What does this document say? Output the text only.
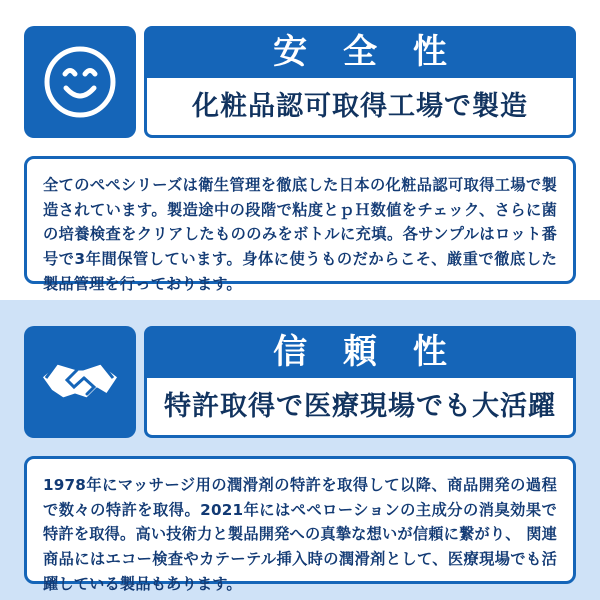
安 全 性
化粧品認可取得工場で製造

全てのぺぺシリーズは衛生管理を徹底した日本の化粧品認可取得工場で製造されています。製造途中の段階で粘度とｐＨ数値をチェック、さらに菌の培養検査をクリアしたもののみをボトルに充填。各サンプルはロット番号で3年間保管しています。身体に使うものだからこそ、厳重で徹底した製品管理を行っております。

信 頼 性
特許取得で医療現場でも大活躍

1978年にマッサージ用の潤滑剤の特許を取得して以降、商品開発の過程で数々の特許を取得。2021年にはぺぺローションの主成分の消臭効果で特許を取得。高い技術力と製品開発への真摯な想いが信頼に繋がり、 関連商品にはエコー検査やカテーテル挿入時の潤滑剤として、医療現場でも活躍している製品もあります。
